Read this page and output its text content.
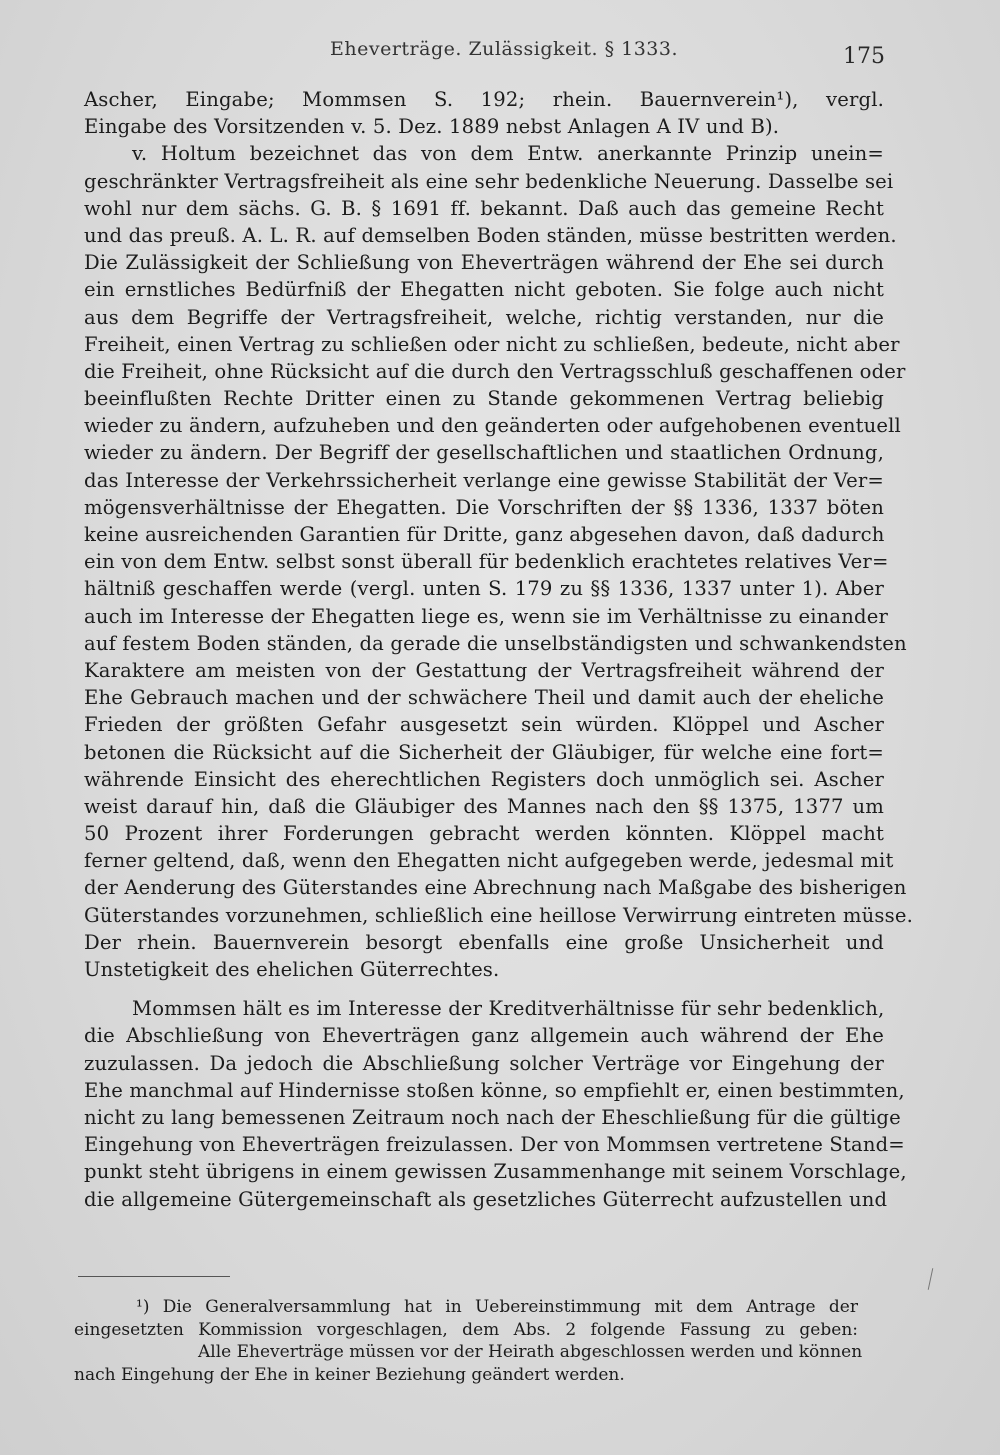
Eheverträge. Zulässigkeit. § 1333.	175
Ascher, Eingabe; Mommsen S. 192; rhein. Bauernverein¹), vergl.
Eingabe des Vorsitzenden v. 5. Dez. 1889 nebst Anlagen A IV und B).
v. Holtum bezeichnet das von dem Entw. anerkannte Prinzip unein=
geschränkter Vertragsfreiheit als eine sehr bedenkliche Neuerung. Dasselbe sei
wohl nur dem sächs. G. B. § 1691 ff. bekannt. Daß auch das gemeine Recht
und das preuß. A. L. R. auf demselben Boden ständen, müsse bestritten werden.
Die Zulässigkeit der Schließung von Eheverträgen während der Ehe sei durch
ein ernstliches Bedürfniß der Ehegatten nicht geboten. Sie folge auch nicht
aus dem Begriffe der Vertragsfreiheit, welche, richtig verstanden, nur die
Freiheit, einen Vertrag zu schließen oder nicht zu schließen, bedeute, nicht aber
die Freiheit, ohne Rücksicht auf die durch den Vertragsschluß geschaffenen oder
beeinflußten Rechte Dritter einen zu Stande gekommenen Vertrag beliebig
wieder zu ändern, aufzuheben und den geänderten oder aufgehobenen eventuell
wieder zu ändern. Der Begriff der gesellschaftlichen und staatlichen Ordnung,
das Interesse der Verkehrssicherheit verlange eine gewisse Stabilität der Ver=
mögensverhältnisse der Ehegatten. Die Vorschriften der §§ 1336, 1337 böten
keine ausreichenden Garantien für Dritte, ganz abgesehen davon, daß dadurch
ein von dem Entw. selbst sonst überall für bedenklich erachtetes relatives Ver=
hältniß geschaffen werde (vergl. unten S. 179 zu §§ 1336, 1337 unter 1). Aber
auch im Interesse der Ehegatten liege es, wenn sie im Verhältnisse zu einander
auf festem Boden ständen, da gerade die unselbständigsten und schwankendsten
Karaktere am meisten von der Gestattung der Vertragsfreiheit während der
Ehe Gebrauch machen und der schwächere Theil und damit auch der eheliche
Frieden der größten Gefahr ausgesetzt sein würden. Klöppel und Ascher
betonen die Rücksicht auf die Sicherheit der Gläubiger, für welche eine fort=
währende Einsicht des eherechtlichen Registers doch unmöglich sei. Ascher
weist darauf hin, daß die Gläubiger des Mannes nach den §§ 1375, 1377 um
50 Prozent ihrer Forderungen gebracht werden könnten. Klöppel macht
ferner geltend, daß, wenn den Ehegatten nicht aufgegeben werde, jedesmal mit
der Aenderung des Güterstandes eine Abrechnung nach Maßgabe des bisherigen
Güterstandes vorzunehmen, schließlich eine heillose Verwirrung eintreten müsse.
Der rhein. Bauernverein besorgt ebenfalls eine große Unsicherheit und
Unstetigkeit des ehelichen Güterrechtes.
Mommsen hält es im Interesse der Kreditverhältnisse für sehr bedenklich,
die Abschließung von Eheverträgen ganz allgemein auch während der Ehe
zuzulassen. Da jedoch die Abschließung solcher Verträge vor Eingehung der
Ehe manchmal auf Hindernisse stoßen könne, so empfiehlt er, einen bestimmten,
nicht zu lang bemessenen Zeitraum noch nach der Eheschließung für die gültige
Eingehung von Eheverträgen freizulassen. Der von Mommsen vertretene Stand=
punkt steht übrigens in einem gewissen Zusammenhange mit seinem Vorschlage,
die allgemeine Gütergemeinschaft als gesetzliches Güterrecht aufzustellen und
¹) Die Generalversammlung hat in Uebereinstimmung mit dem Antrage der
eingesetzten Kommission vorgeschlagen, dem Abs. 2 folgende Fassung zu geben:
Alle Eheverträge müssen vor der Heirath abgeschlossen werden und können
nach Eingehung der Ehe in keiner Beziehung geändert werden.
